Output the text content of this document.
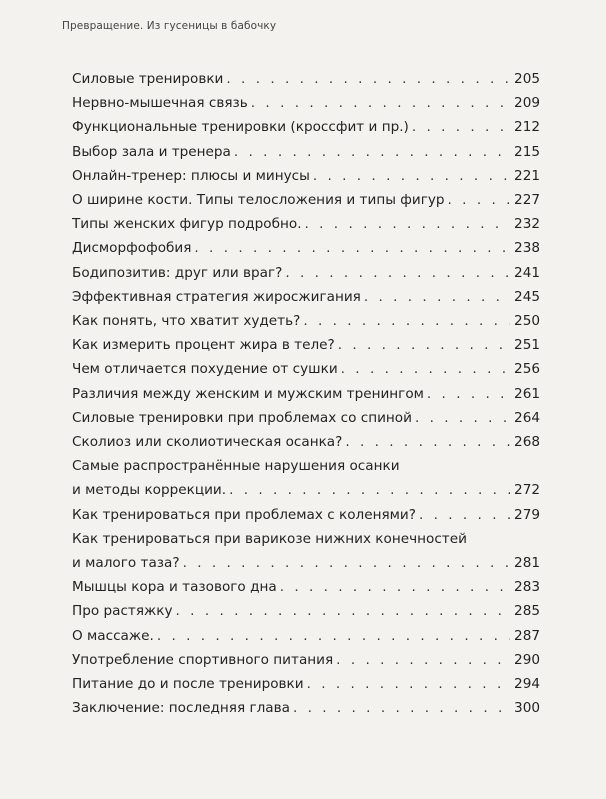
Превращение. Из гусеницы в бабочку
Силовые тренировки . . .	205
Нервно-мышечная связь . . .	209
Функциональные тренировки (кроссфит и пр.) . . .	212
Выбор зала и тренера . . .	215
Онлайн-тренер: плюсы и минусы . . .	221
О ширине кости. Типы телосложения и типы фигур . . .	227
Типы женских фигур подробно. . . .	232
Дисморфофобия . . .	238
Бодипозитив: друг или враг? . . .	241
Эффективная стратегия жиросжигания . . .	245
Как понять, что хватит худеть? . . .	250
Как измерить процент жира в теле? . . .	251
Чем отличается похудение от сушки . . .	256
Различия между женским и мужским тренингом . . .	261
Силовые тренировки при проблемах со спиной . . .	264
Сколиоз или сколиотическая осанка? . . .	268
Самые распространённые нарушения осанки
и методы коррекции. . . .	272
Как тренироваться при проблемах с коленями? . . .	279
Как тренироваться при варикозе нижних конечностей
и малого таза? . . .	281
Мышцы кора и тазового дна . . .	283
Про растяжку . . .	285
О массаже. . . .	287
Употребление спортивного питания . . .	290
Питание до и после тренировки . . .	294
Заключение: последняя глава . . .	300
